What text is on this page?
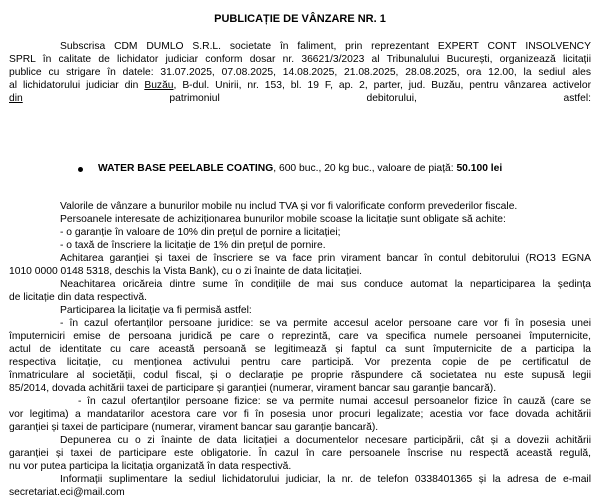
PUBLICAȚIE DE VÂNZARE NR. 1
Subscrisa CDM DUMLO S.R.L. societate în faliment, prin reprezentant EXPERT CONT INSOLVENCY
SPRL în calitate de lichidator judiciar conform dosar nr. 36621/3/2023 al Tribunalului București, organizează licitații
publice cu strigare în datele: 31.07.2025, 07.08.2025, 14.08.2025, 21.08.2025, 28.08.2025, ora 12.00, la sediul ales
al lichidatorului judiciar din Buzău, B-dul. Unirii, nr. 153, bl. 19 F, ap. 2, parter, jud. Buzău, pentru vânzarea activelor
din patrimoniul debitorului, astfel:
WATER BASE PEELABLE COATING, 600 buc., 20 kg buc., valoare de piață: 50.100 lei
Valorile de vânzare a bunurilor mobile nu includ TVA și vor fi valorificate conform prevederilor fiscale.
Persoanele interesate de achiziționarea bunurilor mobile scoase la licitație sunt obligate să achite:
- o garanție în valoare de 10% din prețul de pornire a licitației;
- o taxă de înscriere la licitație de 1% din prețul de pornire.
Achitarea garanției și taxei de înscriere se va face prin virament bancar în contul debitorului (RO13 EGNA
1010 0000 0148 5318, deschis la Vista Bank), cu o zi înainte de data licitației.
Neachitarea oricăreia dintre sume în condițiile de mai sus conduce automat la neparticiparea la ședința
de licitație din data respectivă.
Participarea la licitație va fi permisă astfel:
- în cazul ofertanților persoane juridice: se va permite accesul acelor persoane care vor fi în posesia unei
împuterniciri emise de persoana juridică pe care o reprezintă, care va specifica numele persoanei împuternicite,
actul de identitate cu care această persoană se legitimează și faptul ca sunt împuternicite de a participa la
respectiva licitație, cu menționea activului pentru care participă. Vor prezenta copie de pe certificatul de
înmatriculare al societății, codul fiscal, și o declarație pe proprie răspundere că societatea nu este supusă legii
85/2014, dovada achitării taxei de participare și garanției (numerar, virament bancar sau garanție bancară).
- în cazul ofertanților persoane fizice: se va permite numai accesul persoanelor fizice în cauză (care se
vor legitima) a mandatarilor acestora care vor fi în posesia unor procuri legalizate; acestia vor face dovada achitării
garanției și taxei de participare (numerar, virament bancar sau garanție bancară).
Depunerea cu o zi înainte de data licitației a documentelor necesare participării, cât și a dovezii achitării
garanției și taxei de participare este obligatorie. În cazul în care persoanele înscrise nu respectă această regulă,
nu vor putea participa la licitația organizată în data respectivă.
Informații suplimentare la sediul lichidatorului judiciar, la nr. de telefon 0338401365 și la adresa de e-mail
secretariat.eci@mail.com
